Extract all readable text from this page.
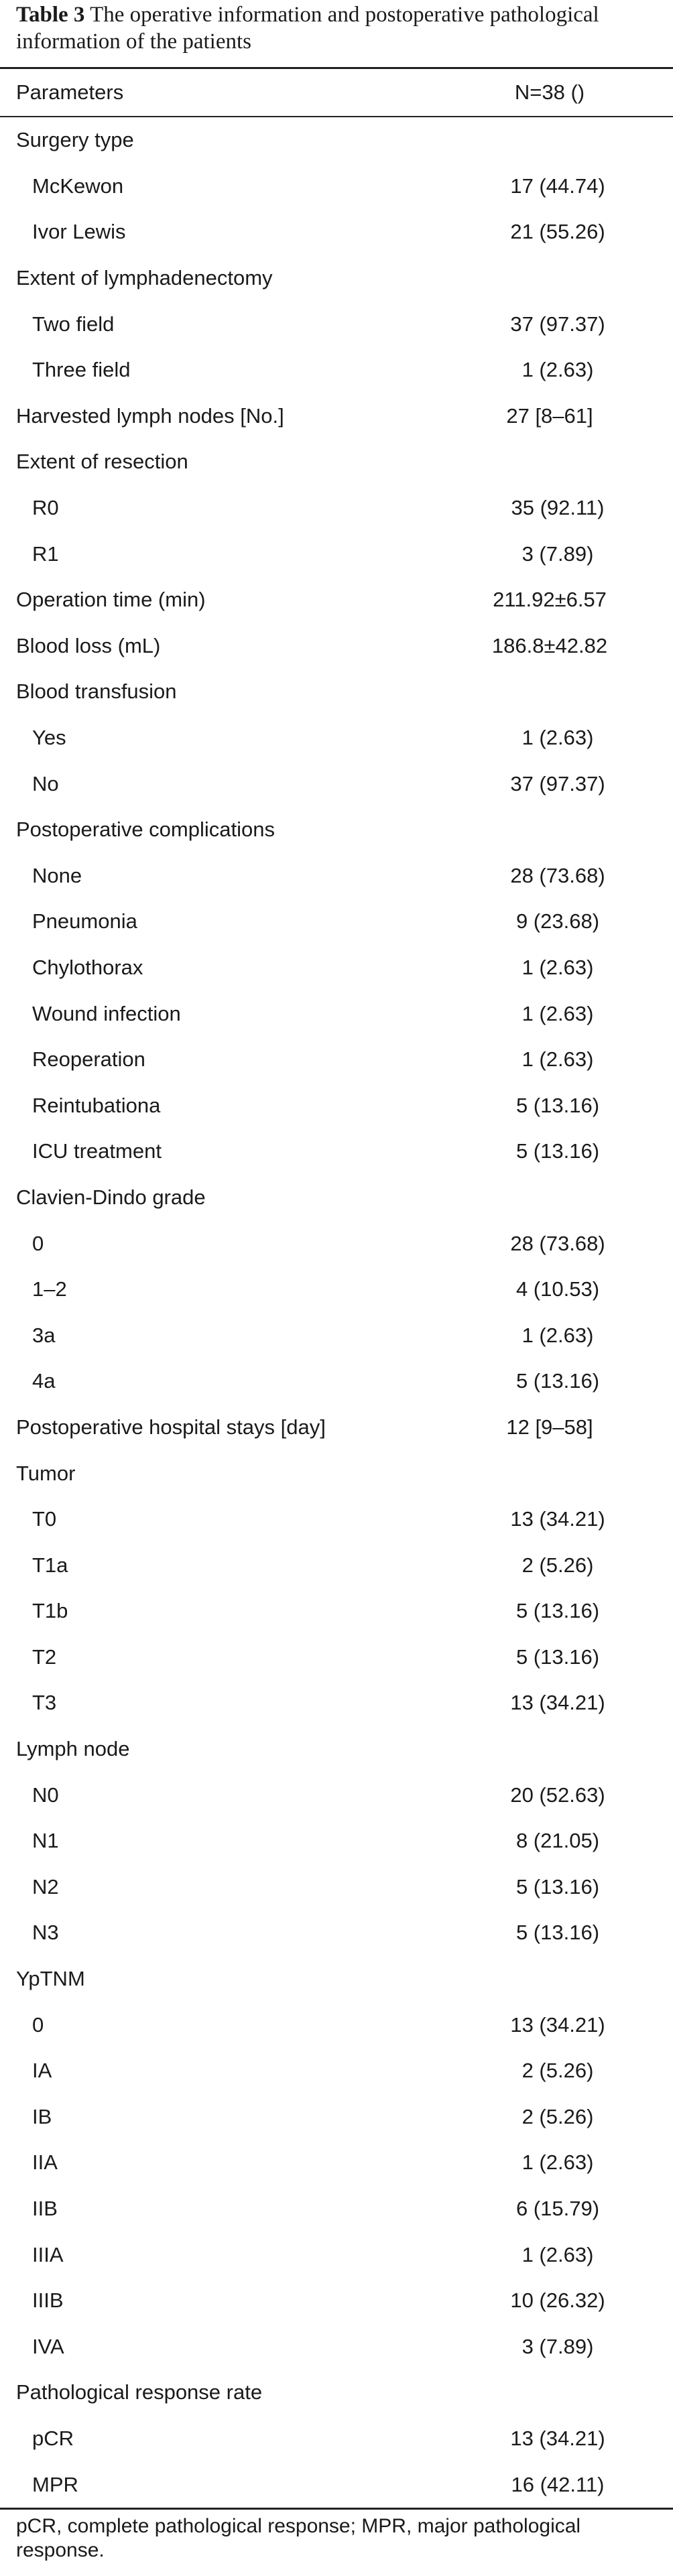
Table 3 The operative information and postoperative pathological information of the patients
Parameters	N=38 ()
Surgery type
McKewon	17 (44.74)
Ivor Lewis	21 (55.26)
Extent of lymphadenectomy
Two field	37 (97.37)
Three field	1 (2.63)
Harvested lymph nodes [No.]	27 [8–61]
Extent of resection
R0	35 (92.11)
R1	3 (7.89)
Operation time (min)	211.92±6.57
Blood loss (mL)	186.8±42.82
Blood transfusion
Yes	1 (2.63)
No	37 (97.37)
Postoperative complications
None	28 (73.68)
Pneumonia	9 (23.68)
Chylothorax	1 (2.63)
Wound infection	1 (2.63)
Reoperation	1 (2.63)
Reintubationa	5 (13.16)
ICU treatment	5 (13.16)
Clavien-Dindo grade
0	28 (73.68)
1–2	4 (10.53)
3a	1 (2.63)
4a	5 (13.16)
Postoperative hospital stays [day]	12 [9–58]
Tumor
T0	13 (34.21)
T1a	2 (5.26)
T1b	5 (13.16)
T2	5 (13.16)
T3	13 (34.21)
Lymph node
N0	20 (52.63)
N1	8 (21.05)
N2	5 (13.16)
N3	5 (13.16)
YpTNM
0	13 (34.21)
IA	2 (5.26)
IB	2 (5.26)
IIA	1 (2.63)
IIB	6 (15.79)
IIIA	1 (2.63)
IIIB	10 (26.32)
IVA	3 (7.89)
Pathological response rate
pCR	13 (34.21)
MPR	16 (42.11)
pCR, complete pathological response; MPR, major pathological response.
